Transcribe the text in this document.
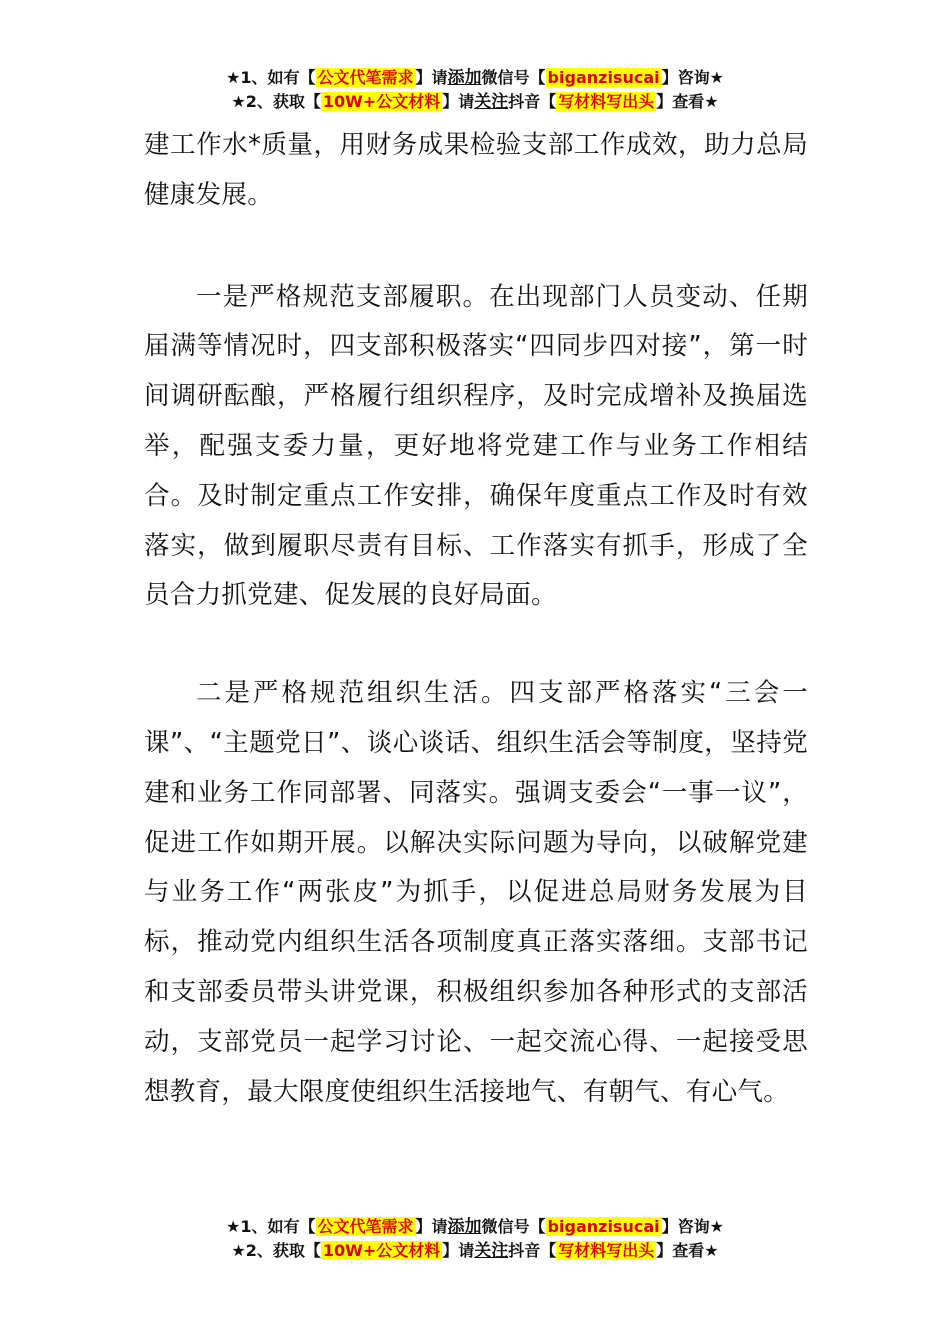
★1、如有【 公文代笔需求 】请添加微信号【 biganzisucai 】咨询★
★2、获取【 10W+公文材料 】请关注抖音【 写材料写出头 】查看★

建工作水*质量，用财务成果检验支部工作成效，助力总局健康发展。

一是严格规范支部履职。在出现部门人员变动、任期届满等情况时，四支部积极落实“四同步四对接”，第一时间调研酝酿，严格履行组织程序，及时完成增补及换届选举，配强支委力量，更好地将党建工作与业务工作相结合。及时制定重点工作安排，确保年度重点工作及时有效落实，做到履职尽责有目标、工作落实有抓手，形成了全员合力抓党建、促发展的良好局面。

二是严格规范组织生活。四支部严格落实“三会一课”、“主题党日”、谈心谈话、组织生活会等制度，坚持党建和业务工作同部署、同落实。强调支委会“一事一议”，促进工作如期开展。以解决实际问题为导向，以破解党建与业务工作“两张皮”为抓手，以促进总局财务发展为目标，推动党内组织生活各项制度真正落实落细。支部书记和支部委员带头讲党课，积极组织参加各种形式的支部活动，支部党员一起学习讨论、一起交流心得、一起接受思想教育，最大限度使组织生活接地气、有朝气、有心气。

★1、如有【 公文代笔需求 】请添加微信号【 biganzisucai 】咨询★
★2、获取【 10W+公文材料 】请关注抖音【 写材料写出头 】查看★
